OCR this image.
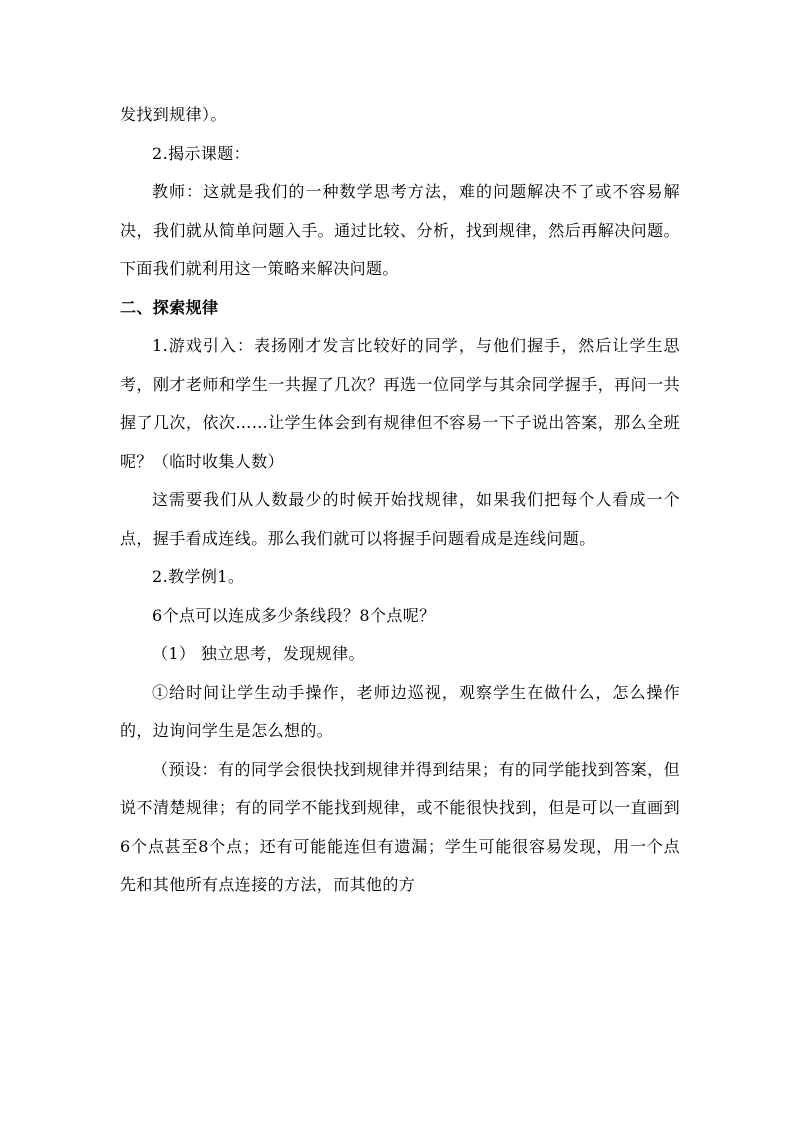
发找到规律）。

2.揭示课题：

教师：这就是我们的一种数学思考方法，难的问题解决不了或不容易解决，我们就从简单问题入手。通过比较、分析，找到规律，然后再解决问题。下面我们就利用这一策略来解决问题。

二、探索规律

1.游戏引入：表扬刚才发言比较好的同学，与他们握手，然后让学生思考，刚才老师和学生一共握了几次？再选一位同学与其余同学握手，再问一共握了几次，依次……让学生体会到有规律但不容易一下子说出答案，那么全班呢？（临时收集人数）

这需要我们从人数最少的时候开始找规律，如果我们把每个人看成一个点，握手看成连线。那么我们就可以将握手问题看成是连线问题。

2.教学例1。

6个点可以连成多少条线段？8个点呢？

（1） 独立思考，发现规律。

①给时间让学生动手操作，老师边巡视，观察学生在做什么，怎么操作的，边询问学生是怎么想的。

（预设：有的同学会很快找到规律并得到结果；有的同学能找到答案，但说不清楚规律；有的同学不能找到规律，或不能很快找到，但是可以一直画到6个点甚至8个点；还有可能能连但有遗漏；学生可能很容易发现，用一个点先和其他所有点连接的方法，而其他的方
